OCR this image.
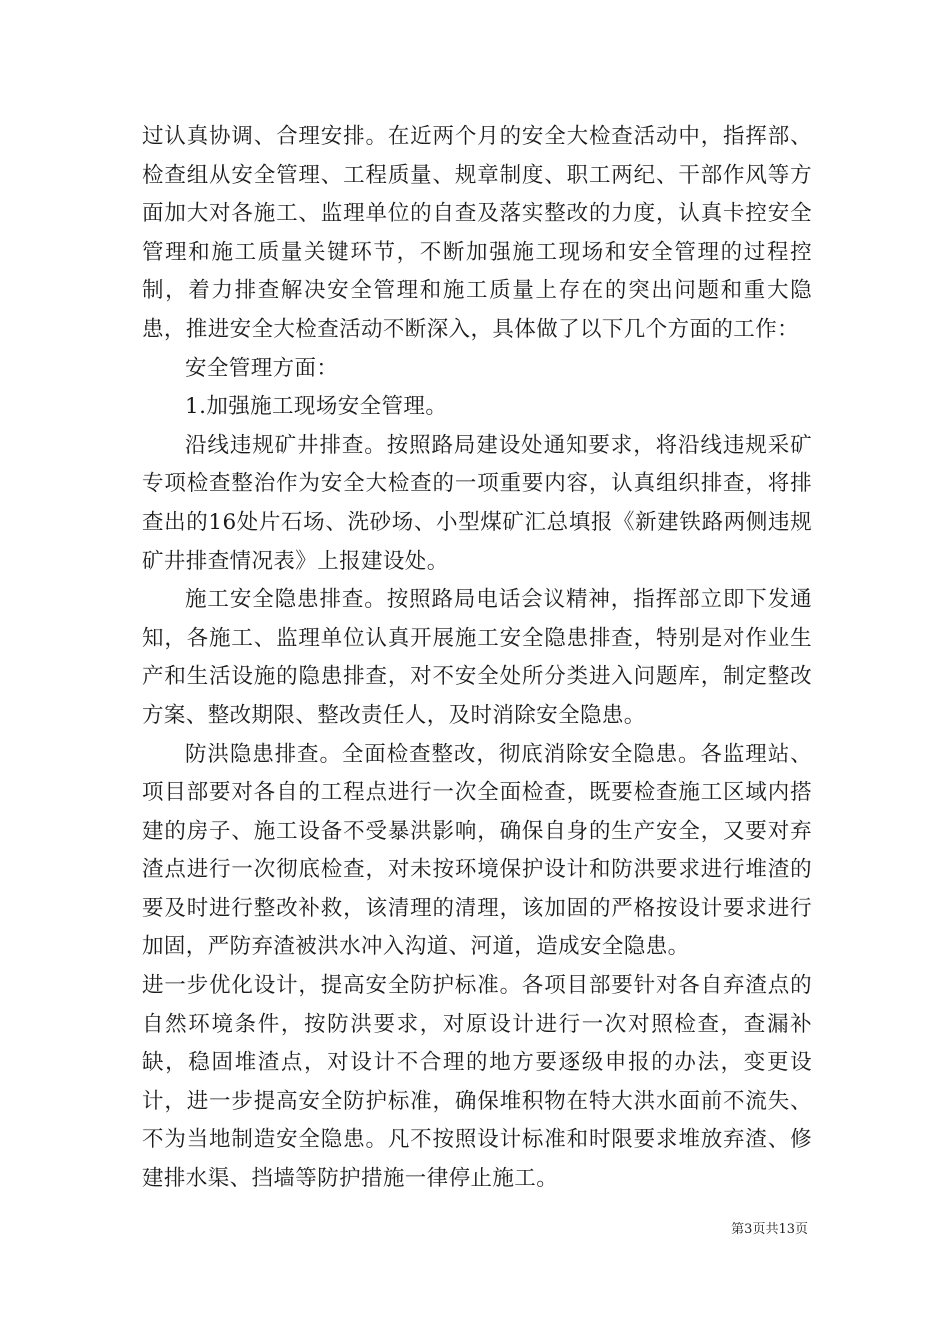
过认真协调、合理安排。在近两个月的安全大检查活动中，指挥部、检查组从安全管理、工程质量、规章制度、职工两纪、干部作风等方面加大对各施工、监理单位的自查及落实整改的力度，认真卡控安全管理和施工质量关键环节，不断加强施工现场和安全管理的过程控制，着力排查解决安全管理和施工质量上存在的突出问题和重大隐患，推进安全大检查活动不断深入，具体做了以下几个方面的工作：

安全管理方面：

1.加强施工现场安全管理。

沿线违规矿井排查。按照路局建设处通知要求，将沿线违规采矿专项检查整治作为安全大检查的一项重要内容，认真组织排查，将排查出的16处片石场、洗砂场、小型煤矿汇总填报《新建铁路两侧违规矿井排查情况表》上报建设处。

施工安全隐患排查。按照路局电话会议精神，指挥部立即下发通知，各施工、监理单位认真开展施工安全隐患排查，特别是对作业生产和生活设施的隐患排查，对不安全处所分类进入问题库，制定整改方案、整改期限、整改责任人，及时消除安全隐患。

防洪隐患排查。全面检查整改，彻底消除安全隐患。各监理站、项目部要对各自的工程点进行一次全面检查，既要检查施工区域内搭建的房子、施工设备不受暴洪影响，确保自身的生产安全，又要对弃渣点进行一次彻底检查，对未按环境保护设计和防洪要求进行堆渣的要及时进行整改补救，该清理的清理，该加固的严格按设计要求进行加固，严防弃渣被洪水冲入沟道、河道，造成安全隐患。

进一步优化设计，提高安全防护标准。各项目部要针对各自弃渣点的自然环境条件，按防洪要求，对原设计进行一次对照检查，查漏补缺，稳固堆渣点，对设计不合理的地方要逐级申报的办法，变更设计，进一步提高安全防护标准，确保堆积物在特大洪水面前不流失、不为当地制造安全隐患。凡不按照设计标准和时限要求堆放弃渣、修建排水渠、挡墙等防护措施一律停止施工。

第3页共13页
